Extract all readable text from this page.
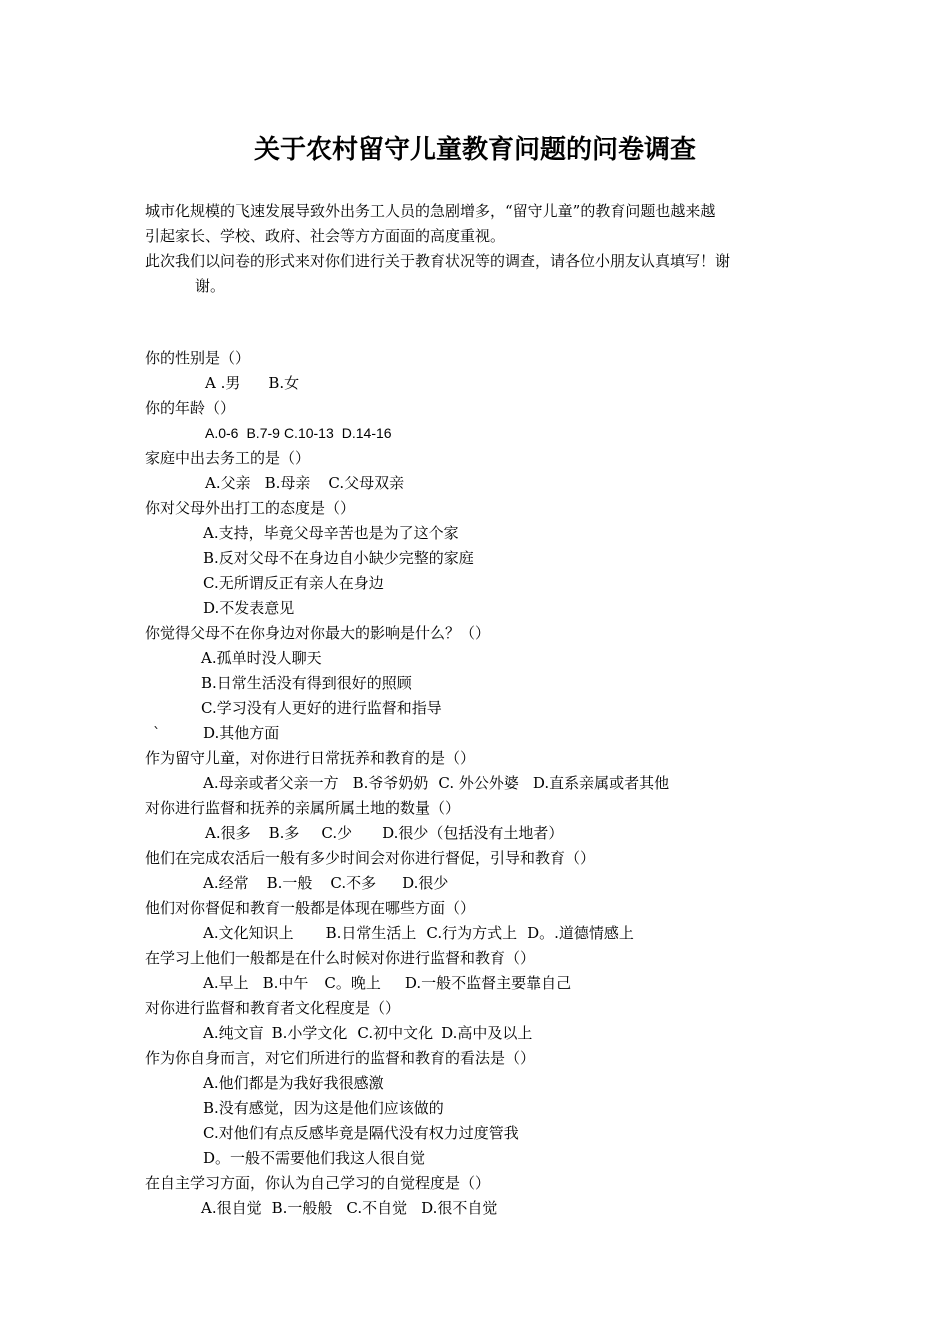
关于农村留守儿童教育问题的问卷调查

城市化规模的飞速发展导致外出务工人员的急剧增多，“留守儿童”的教育问题也越来越

引起家长、学校、政府、社会等方方面面的高度重视。

此次我们以问卷的形式来对你们进行关于教育状况等的调查，请各位小朋友认真填写！谢

谢。

你的性别是（）
A .男 B.女
你的年龄（）
A.0-6 B.7-9 C.10-13 D.14-16
家庭中出去务工的是（）
A.父亲 B.母亲 C.父母双亲
你对父母外出打工的态度是（）
A.支持，毕竟父母辛苦也是为了这个家
B.反对父母不在身边自小缺少完整的家庭
C.无所谓反正有亲人在身边
D.不发表意见
你觉得父母不在你身边对你最大的影响是什么？（）
A.孤单时没人聊天
B.日常生活没有得到很好的照顾
C.学习没有人更好的进行监督和指导
`	D.其他方面
作为留守儿童，对你进行日常抚养和教育的是（）
A.母亲或者父亲一方 B.爷爷奶奶 C. 外公外婆 D.直系亲属或者其他
对你进行监督和抚养的亲属所属土地的数量（）
A.很多 B.多 C.少 D.很少（包括没有土地者）
他们在完成农活后一般有多少时间会对你进行督促，引导和教育（）
A.经常 B.一般 C.不多 D.很少
他们对你督促和教育一般都是体现在哪些方面（）
A.文化知识上 B.日常生活上 C.行为方式上 D。.道德情感上
在学习上他们一般都是在什么时候对你进行监督和教育（）
A.早上 B.中午 C。晚上 D.一般不监督主要靠自己
对你进行监督和教育者文化程度是（）
A.纯文盲 B.小学文化 C.初中文化 D.高中及以上
作为你自身而言，对它们所进行的监督和教育的看法是（）
A.他们都是为我好我很感激
B.没有感觉，因为这是他们应该做的
C.对他们有点反感毕竟是隔代没有权力过度管我
D。一般不需要他们我这人很自觉
在自主学习方面，你认为自己学习的自觉程度是（）
A.很自觉 B.一般般 C.不自觉 D.很不自觉
